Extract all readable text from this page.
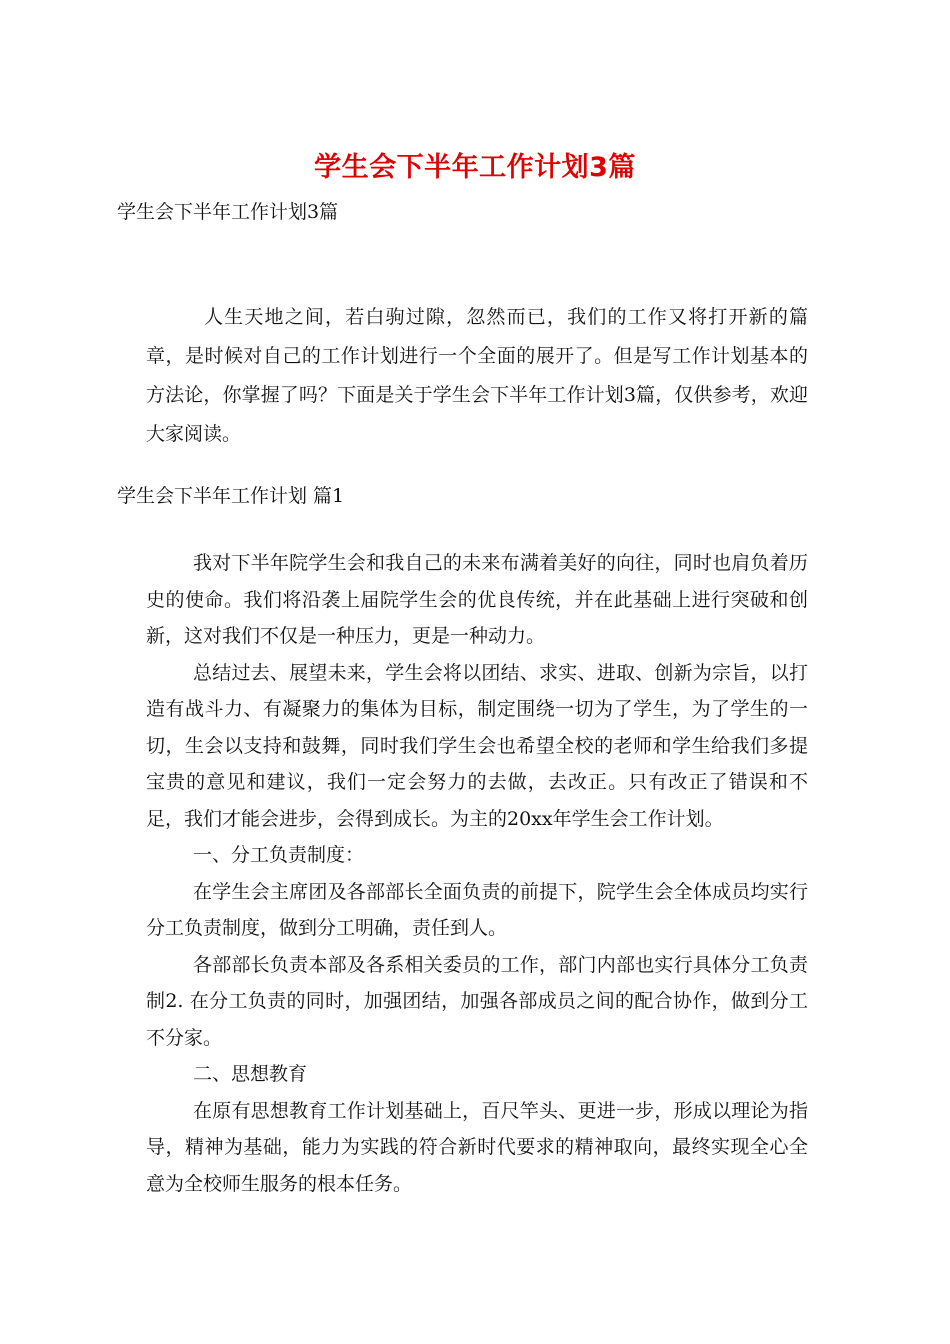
学生会下半年工作计划3篇
学生会下半年工作计划3篇

人生天地之间，若白驹过隙，忽然而已，我们的工作又将打开新的篇章，是时候对自己的工作计划进行一个全面的展开了。但是写工作计划基本的方法论，你掌握了吗？下面是关于学生会下半年工作计划3篇，仅供参考，欢迎大家阅读。

学生会下半年工作计划 篇1

我对下半年院学生会和我自己的未来布满着美好的向往，同时也肩负着历史的使命。我们将沿袭上届院学生会的优良传统，并在此基础上进行突破和创新，这对我们不仅是一种压力，更是一种动力。

总结过去、展望未来，学生会将以团结、求实、进取、创新为宗旨，以打造有战斗力、有凝聚力的集体为目标，制定围绕一切为了学生，为了学生的一切，生会以支持和鼓舞，同时我们学生会也希望全校的老师和学生给我们多提宝贵的意见和建议，我们一定会努力的去做，去改正。只有改正了错误和不足，我们才能会进步，会得到成长。为主的20xx年学生会工作计划。

一、分工负责制度：

在学生会主席团及各部部长全面负责的前提下，院学生会全体成员均实行分工负责制度，做到分工明确，责任到人。

各部部长负责本部及各系相关委员的工作，部门内部也实行具体分工负责制2. 在分工负责的同时，加强团结，加强各部成员之间的配合协作，做到分工不分家。

二、思想教育

在原有思想教育工作计划基础上，百尺竿头、更进一步，形成以理论为指导，精神为基础，能力为实践的符合新时代要求的精神取向，最终实现全心全意为全校师生服务的根本任务。
